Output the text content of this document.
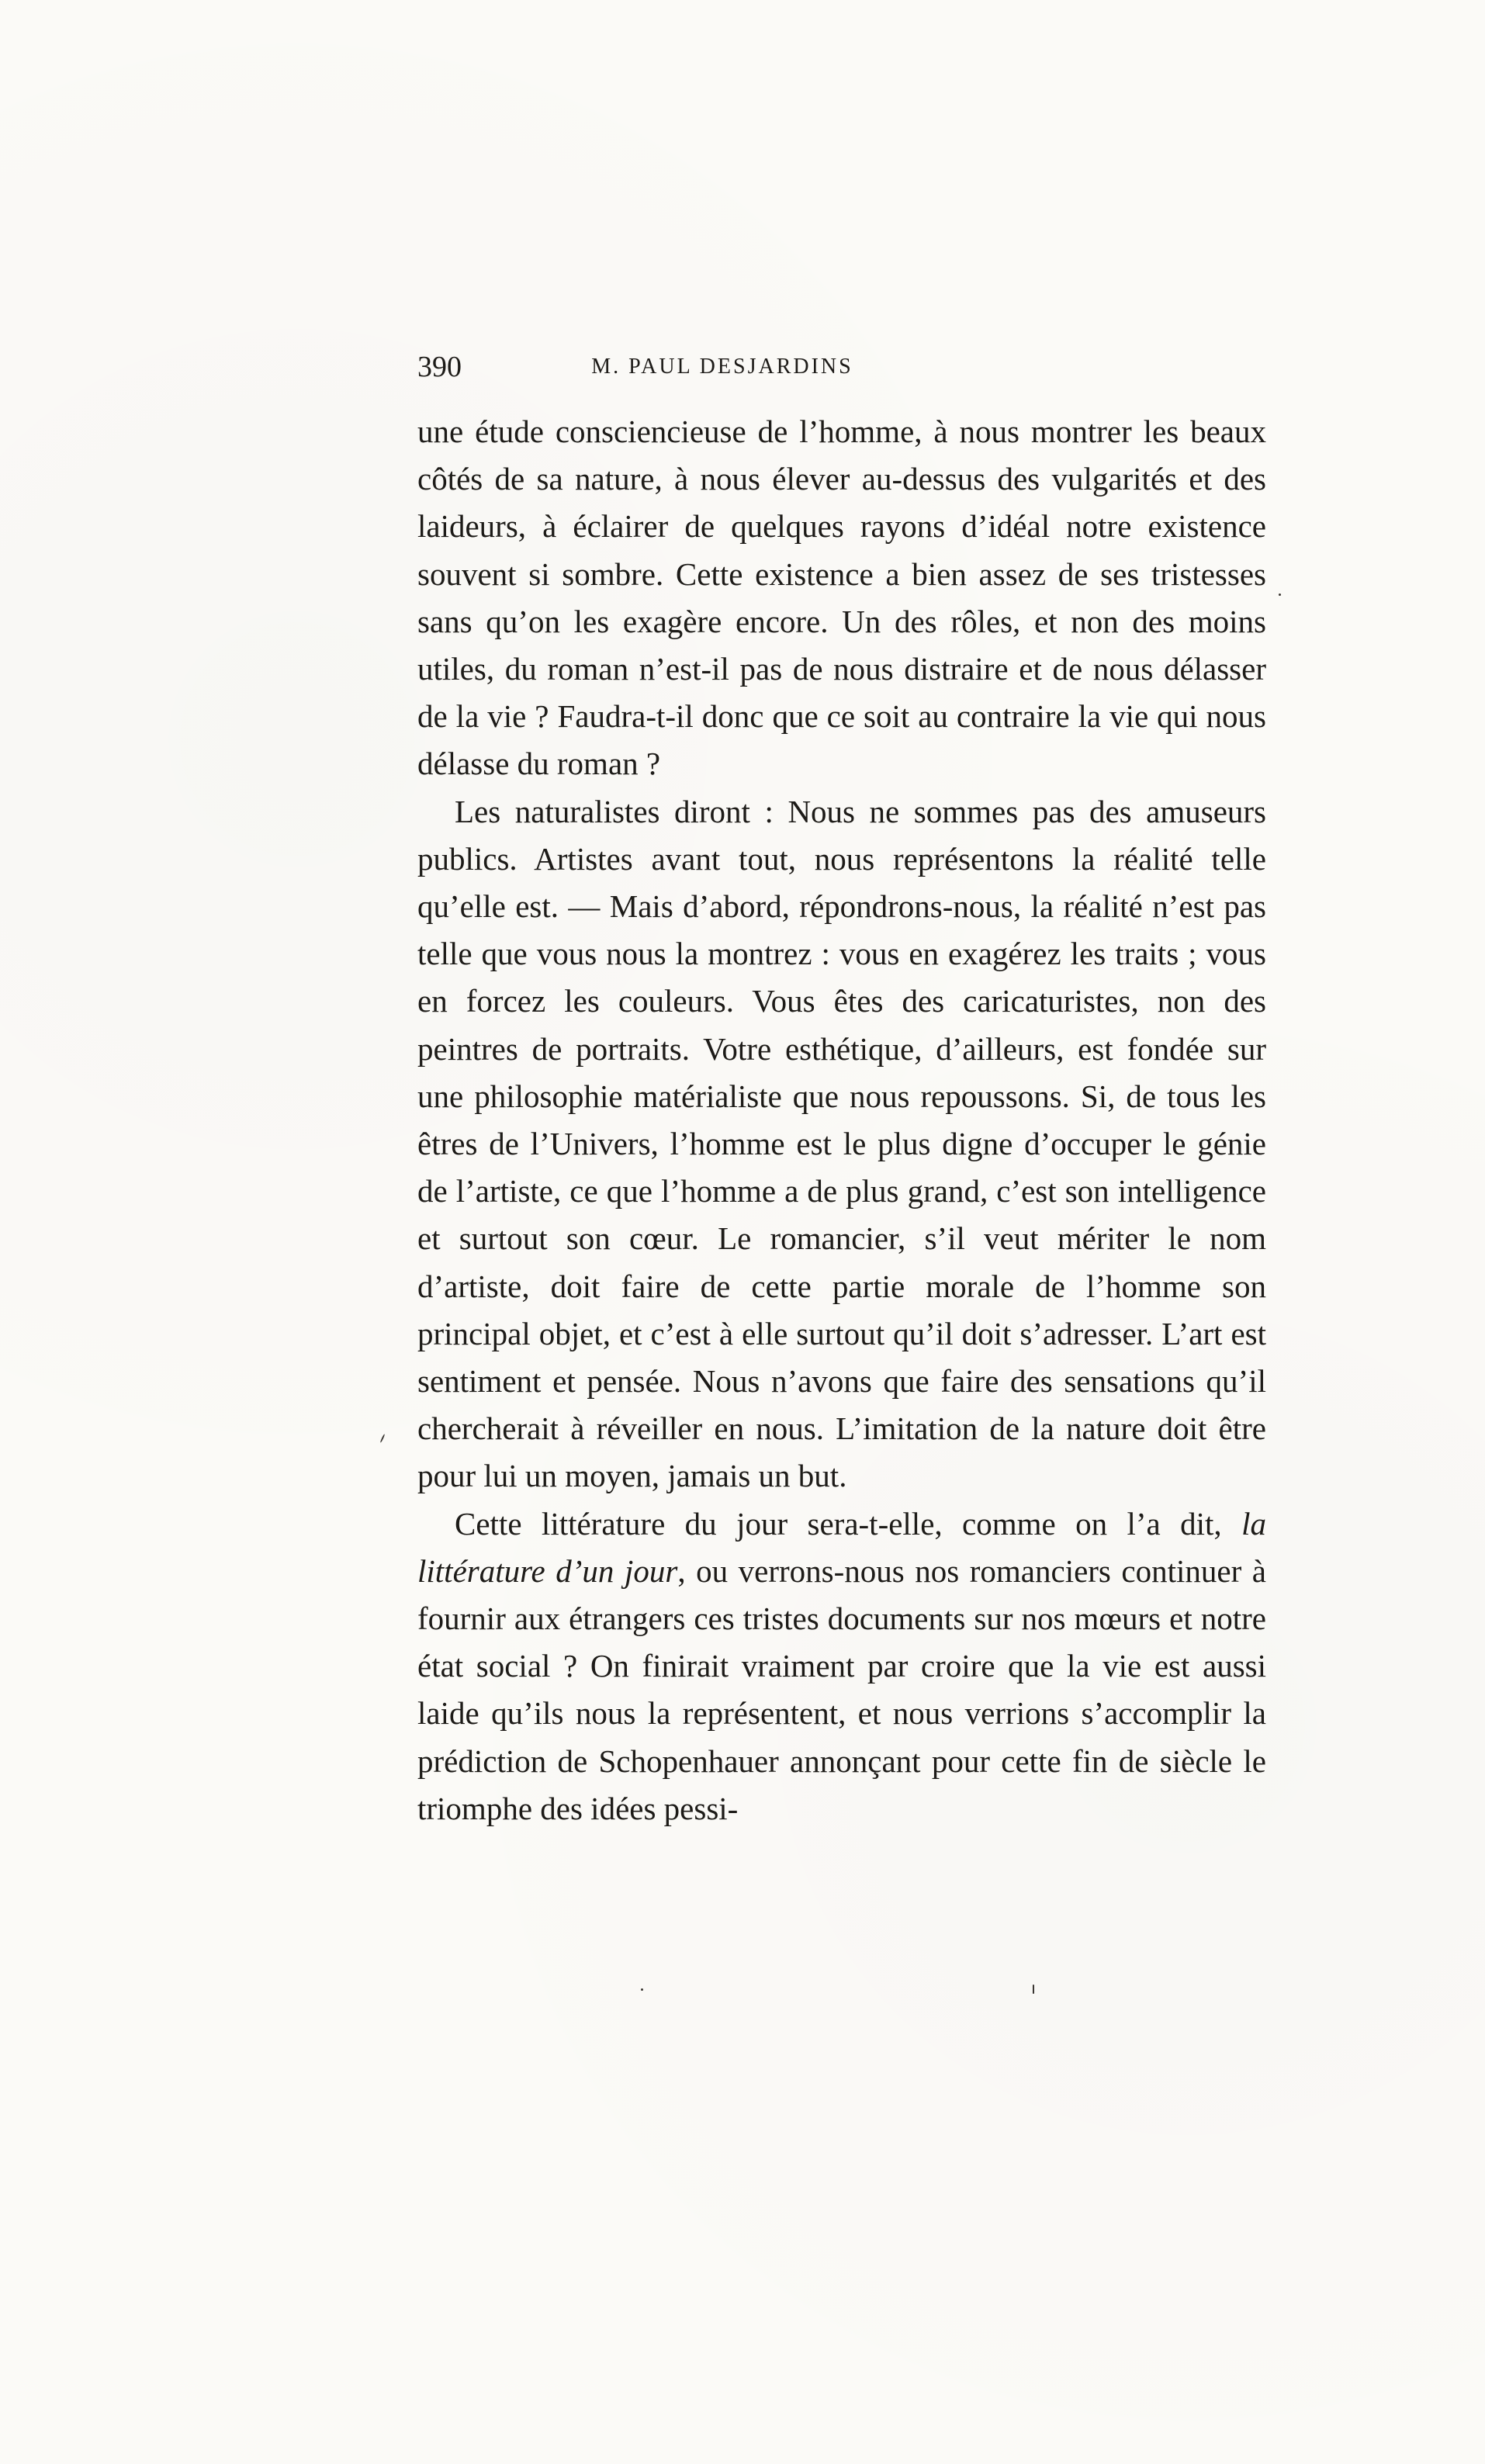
390	M. PAUL DESJARDINS

une étude consciencieuse de l’homme, à nous montrer les beaux côtés de sa nature, à nous élever au-dessus des vulgarités et des laideurs, à éclairer de quelques rayons d’idéal notre existence souvent si sombre. Cette existence a bien assez de ses tristesses sans qu’on les exagère encore. Un des rôles, et non des moins utiles, du roman n’est-il pas de nous distraire et de nous délasser de la vie ? Faudra-t-il donc que ce soit au contraire la vie qui nous délasse du roman ?

Les naturalistes diront : Nous ne sommes pas des amuseurs publics. Artistes avant tout, nous représentons la réalité telle qu’elle est. — Mais d’abord, répondrons-nous, la réalité n’est pas telle que vous nous la montrez : vous en exagérez les traits ; vous en forcez les couleurs. Vous êtes des caricaturistes, non des peintres de portraits. Votre esthétique, d’ailleurs, est fondée sur une philosophie matérialiste que nous repoussons. Si, de tous les êtres de l’Univers, l’homme est le plus digne d’occuper le génie de l’artiste, ce que l’homme a de plus grand, c’est son intelligence et surtout son cœur. Le romancier, s’il veut mériter le nom d’artiste, doit faire de cette partie morale de l’homme son principal objet, et c’est à elle surtout qu’il doit s’adresser. L’art est sentiment et pensée. Nous n’avons que faire des sensations qu’il chercherait à réveiller en nous. L’imitation de la nature doit être pour lui un moyen, jamais un but.

Cette littérature du jour sera-t-elle, comme on l’a dit, la littérature d’un jour, ou verrons-nous nos romanciers continuer à fournir aux étrangers ces tristes documents sur nos mœurs et notre état social ? On finirait vraiment par croire que la vie est aussi laide qu’ils nous la représentent, et nous verrions s’accomplir la prédiction de Schopenhauer annonçant pour cette fin de siècle le triomphe des idées pessi-
